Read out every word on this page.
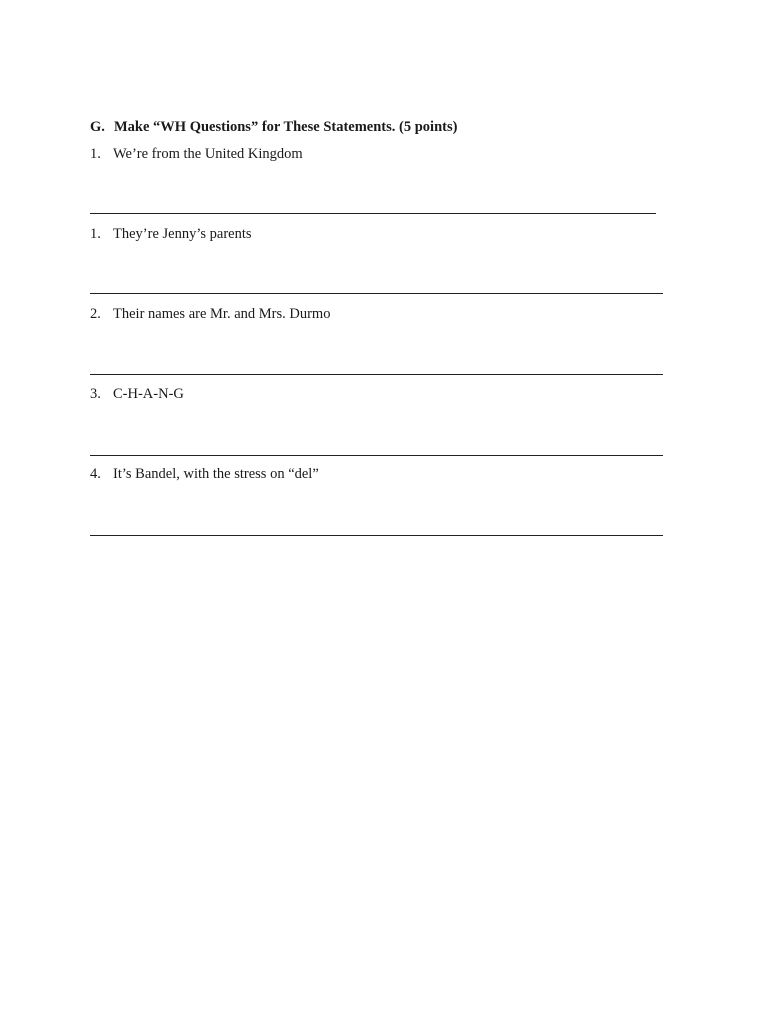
G. Make “WH Questions” for These Statements. (5 points)
1. We’re from the United Kingdom
1. They’re Jenny’s parents
2. Their names are Mr. and Mrs. Durmo
3. C-H-A-N-G
4. It’s Bandel, with the stress on “del”
